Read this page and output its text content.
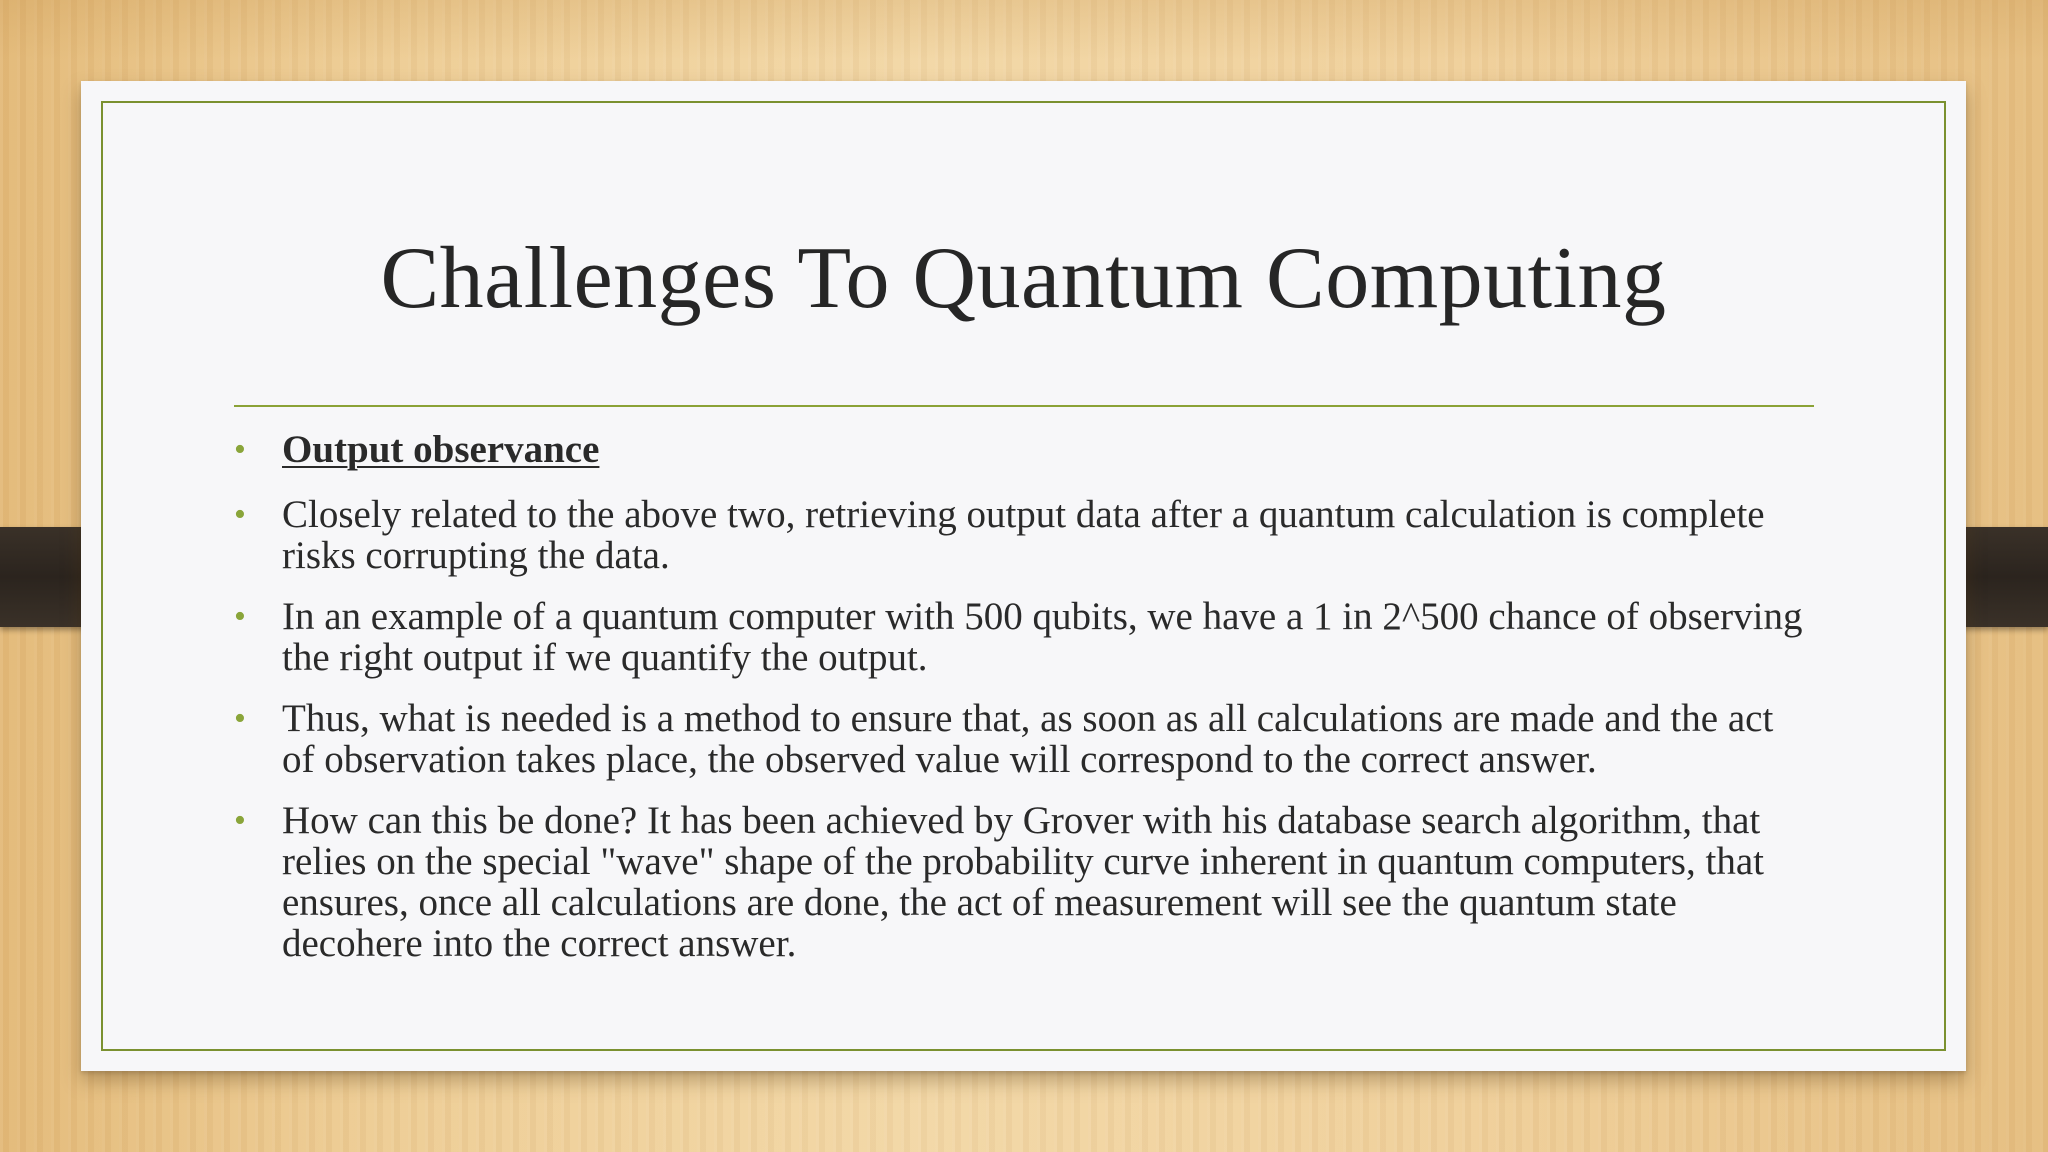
Challenges To Quantum Computing
• Output observance
• Closely related to the above two, retrieving output data after a quantum calculation is complete risks corrupting the data.
• In an example of a quantum computer with 500 qubits, we have a 1 in 2^500 chance of observing the right output if we quantify the output.
• Thus, what is needed is a method to ensure that, as soon as all calculations are made and the act of observation takes place, the observed value will correspond to the correct answer.
• How can this be done? It has been achieved by Grover with his database search algorithm, that relies on the special "wave" shape of the probability curve inherent in quantum computers, that ensures, once all calculations are done, the act of measurement will see the quantum state decohere into the correct answer.
